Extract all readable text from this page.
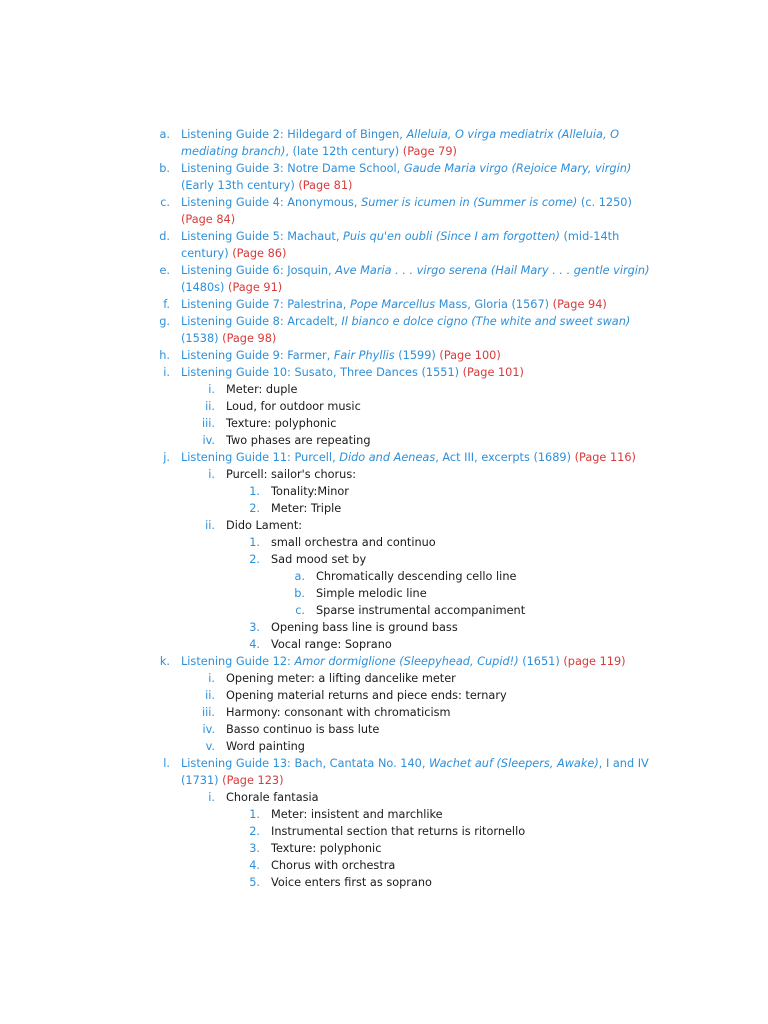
a. Listening Guide 2: Hildegard of Bingen, Alleluia, O virga mediatrix (Alleluia, O mediating branch), (late 12th century) (Page 79)
b. Listening Guide 3: Notre Dame School, Gaude Maria virgo (Rejoice Mary, virgin) (Early 13th century) (Page 81)
c. Listening Guide 4: Anonymous, Sumer is icumen in (Summer is come) (c. 1250) (Page 84)
d. Listening Guide 5: Machaut, Puis qu'en oubli (Since I am forgotten) (mid-14th century) (Page 86)
e. Listening Guide 6: Josquin, Ave Maria . . . virgo serena (Hail Mary . . . gentle virgin) (1480s) (Page 91)
f. Listening Guide 7: Palestrina, Pope Marcellus Mass, Gloria (1567) (Page 94)
g. Listening Guide 8: Arcadelt, Il bianco e dolce cigno (The white and sweet swan) (1538) (Page 98)
h. Listening Guide 9: Farmer, Fair Phyllis (1599) (Page 100)
i. Listening Guide 10: Susato, Three Dances (1551) (Page 101)
i. Meter: duple
ii. Loud, for outdoor music
iii. Texture: polyphonic
iv. Two phases are repeating
j. Listening Guide 11: Purcell, Dido and Aeneas, Act III, excerpts (1689) (Page 116)
i. Purcell: sailor's chorus:
1. Tonality:Minor
2. Meter: Triple
ii. Dido Lament:
1. small orchestra and continuo
2. Sad mood set by
a. Chromatically descending cello line
b. Simple melodic line
c. Sparse instrumental accompaniment
3. Opening bass line is ground bass
4. Vocal range: Soprano
k. Listening Guide 12: Amor dormiglione (Sleepyhead, Cupid!) (1651) (page 119)
i. Opening meter: a lifting dancelike meter
ii. Opening material returns and piece ends: ternary
iii. Harmony: consonant with chromaticism
iv. Basso continuo is bass lute
v. Word painting
l. Listening Guide 13: Bach, Cantata No. 140, Wachet auf (Sleepers, Awake), I and IV (1731) (Page 123)
i. Chorale fantasia
1. Meter: insistent and marchlike
2. Instrumental section that returns is ritornello
3. Texture: polyphonic
4. Chorus with orchestra
5. Voice enters first as soprano
